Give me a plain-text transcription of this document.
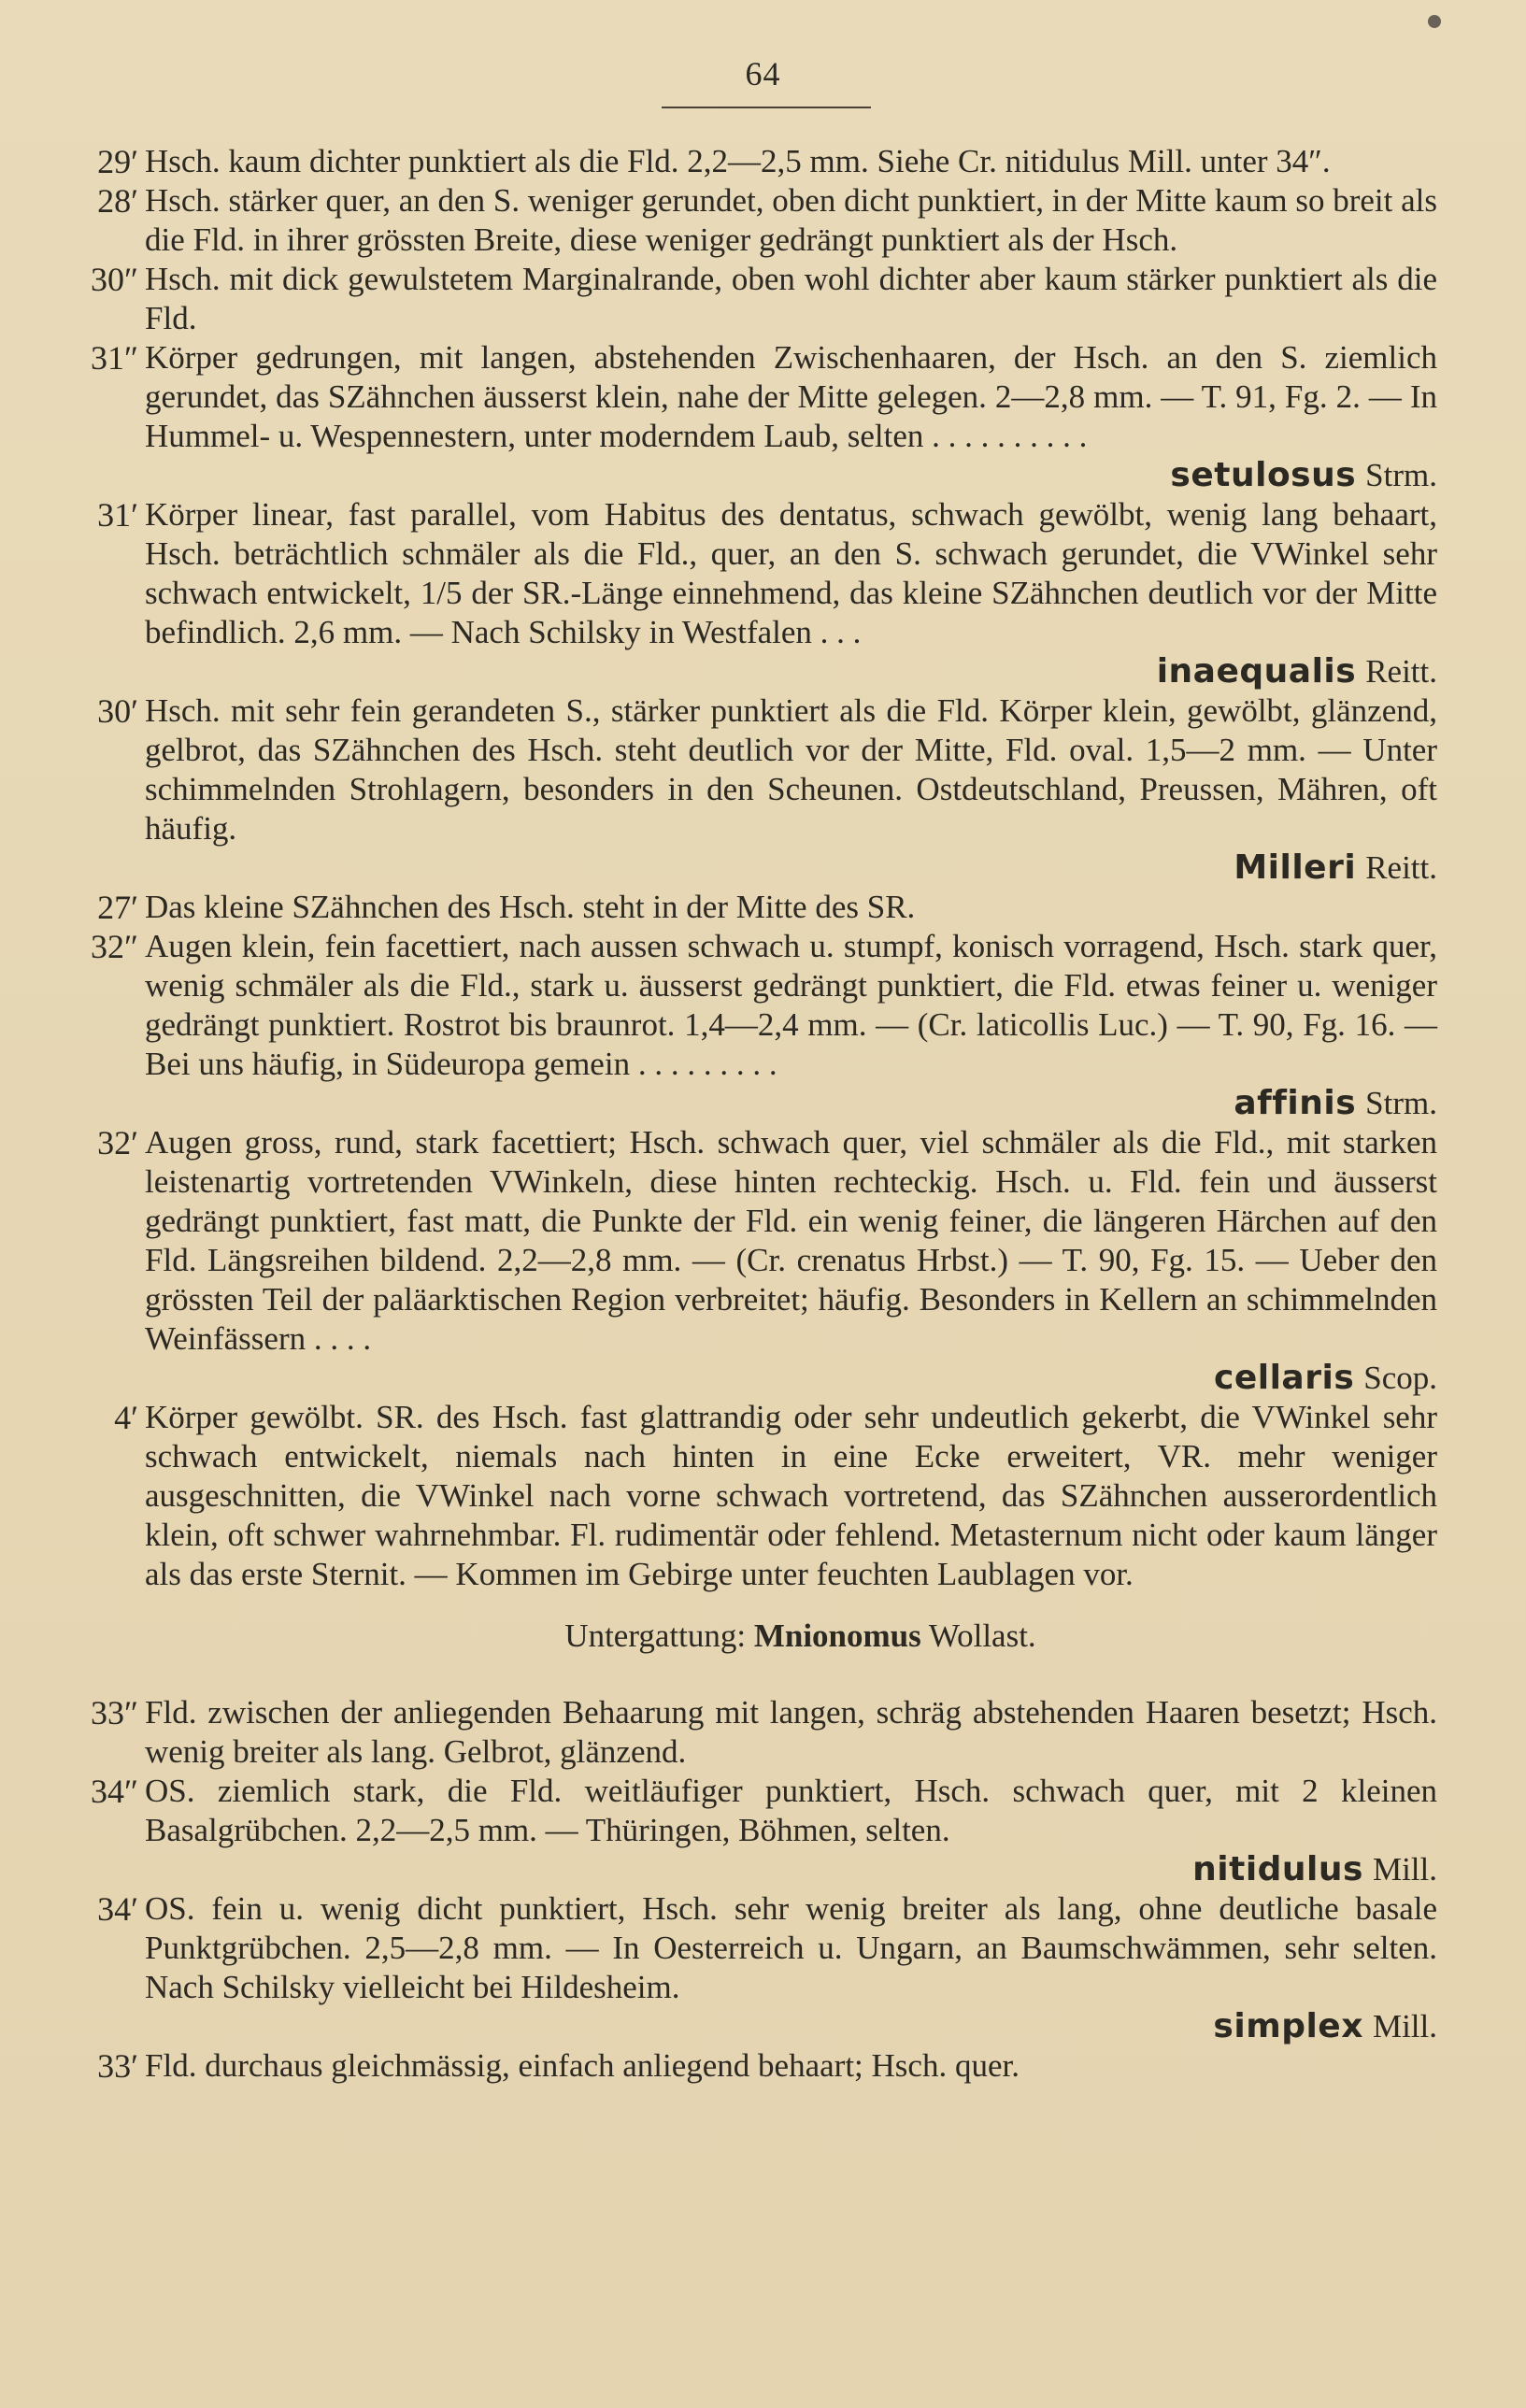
64
29′ Hsch. kaum dichter punktiert als die Fld. 2,2—2,5 mm. Siehe Cr. nitidulus Mill. unter 34″.
28′ Hsch. stärker quer, an den S. weniger gerundet, oben dicht punktiert, in der Mitte kaum so breit als die Fld. in ihrer grössten Breite, diese weniger gedrängt punktiert als der Hsch.
30″ Hsch. mit dick gewulstetem Marginalrande, oben wohl dichter aber kaum stärker punktiert als die Fld.
31″ Körper gedrungen, mit langen, abstehenden Zwischenhaaren, der Hsch. an den S. ziemlich gerundet, das SZähnchen äusserst klein, nahe der Mitte gelegen. 2—2,8 mm. — T. 91, Fg. 2. — In Hummel- u. Wespennestern, unter moderndem Laub, selten . . . . . . . . . .
setulosus Strm.
31′ Körper linear, fast parallel, vom Habitus des dentatus, schwach gewölbt, wenig lang behaart, Hsch. beträchtlich schmäler als die Fld., quer, an den S. schwach gerundet, die VWinkel sehr schwach entwickelt, 1/5 der SR.-Länge einnehmend, das kleine SZähnchen deutlich vor der Mitte befindlich. 2,6 mm. — Nach Schilsky in Westfalen . . .
inaequalis Reitt.
30′ Hsch. mit sehr fein gerandeten S., stärker punktiert als die Fld. Körper klein, gewölbt, glänzend, gelbrot, das SZähnchen des Hsch. steht deutlich vor der Mitte, Fld. oval. 1,5—2 mm. — Unter schimmelnden Strohlagern, besonders in den Scheunen. Ostdeutschland, Preussen, Mähren, oft häufig.
Milleri Reitt.
27′ Das kleine SZähnchen des Hsch. steht in der Mitte des SR.
32″ Augen klein, fein facettiert, nach aussen schwach u. stumpf, konisch vorragend, Hsch. stark quer, wenig schmäler als die Fld., stark u. äusserst gedrängt punktiert, die Fld. etwas feiner u. weniger gedrängt punktiert. Rostrot bis braunrot. 1,4—2,4 mm. — (Cr. laticollis Luc.) — T. 90, Fg. 16. — Bei uns häufig, in Südeuropa gemein . . . . . . . . .
affinis Strm.
32′ Augen gross, rund, stark facettiert; Hsch. schwach quer, viel schmäler als die Fld., mit starken leistenartig vortretenden VWinkeln, diese hinten rechteckig. Hsch. u. Fld. fein und äusserst gedrängt punktiert, fast matt, die Punkte der Fld. ein wenig feiner, die längeren Härchen auf den Fld. Längsreihen bildend. 2,2—2,8 mm. — (Cr. crenatus Hrbst.) — T. 90, Fg. 15. — Ueber den grössten Teil der paläarktischen Region verbreitet; häufig. Besonders in Kellern an schimmelnden Weinfässern . . . .
cellaris Scop.
4′ Körper gewölbt. SR. des Hsch. fast glattrandig oder sehr undeutlich gekerbt, die VWinkel sehr schwach entwickelt, niemals nach hinten in eine Ecke erweitert, VR. mehr weniger ausgeschnitten, die VWinkel nach vorne schwach vortretend, das SZähnchen ausserordentlich klein, oft schwer wahrnehmbar. Fl. rudimentär oder fehlend. Metasternum nicht oder kaum länger als das erste Sternit. — Kommen im Gebirge unter feuchten Laublagen vor.
Untergattung: Mnionomus Wollast.
33″ Fld. zwischen der anliegenden Behaarung mit langen, schräg abstehenden Haaren besetzt; Hsch. wenig breiter als lang. Gelbrot, glänzend.
34″ OS. ziemlich stark, die Fld. weitläufiger punktiert, Hsch. schwach quer, mit 2 kleinen Basalgrübchen. 2,2—2,5 mm. — Thüringen, Böhmen, selten.
nitidulus Mill.
34′ OS. fein u. wenig dicht punktiert, Hsch. sehr wenig breiter als lang, ohne deutliche basale Punktgrübchen. 2,5—2,8 mm. — In Oesterreich u. Ungarn, an Baumschwämmen, sehr selten. Nach Schilsky vielleicht bei Hildesheim.
simplex Mill.
33′ Fld. durchaus gleichmässig, einfach anliegend behaart; Hsch. quer.
